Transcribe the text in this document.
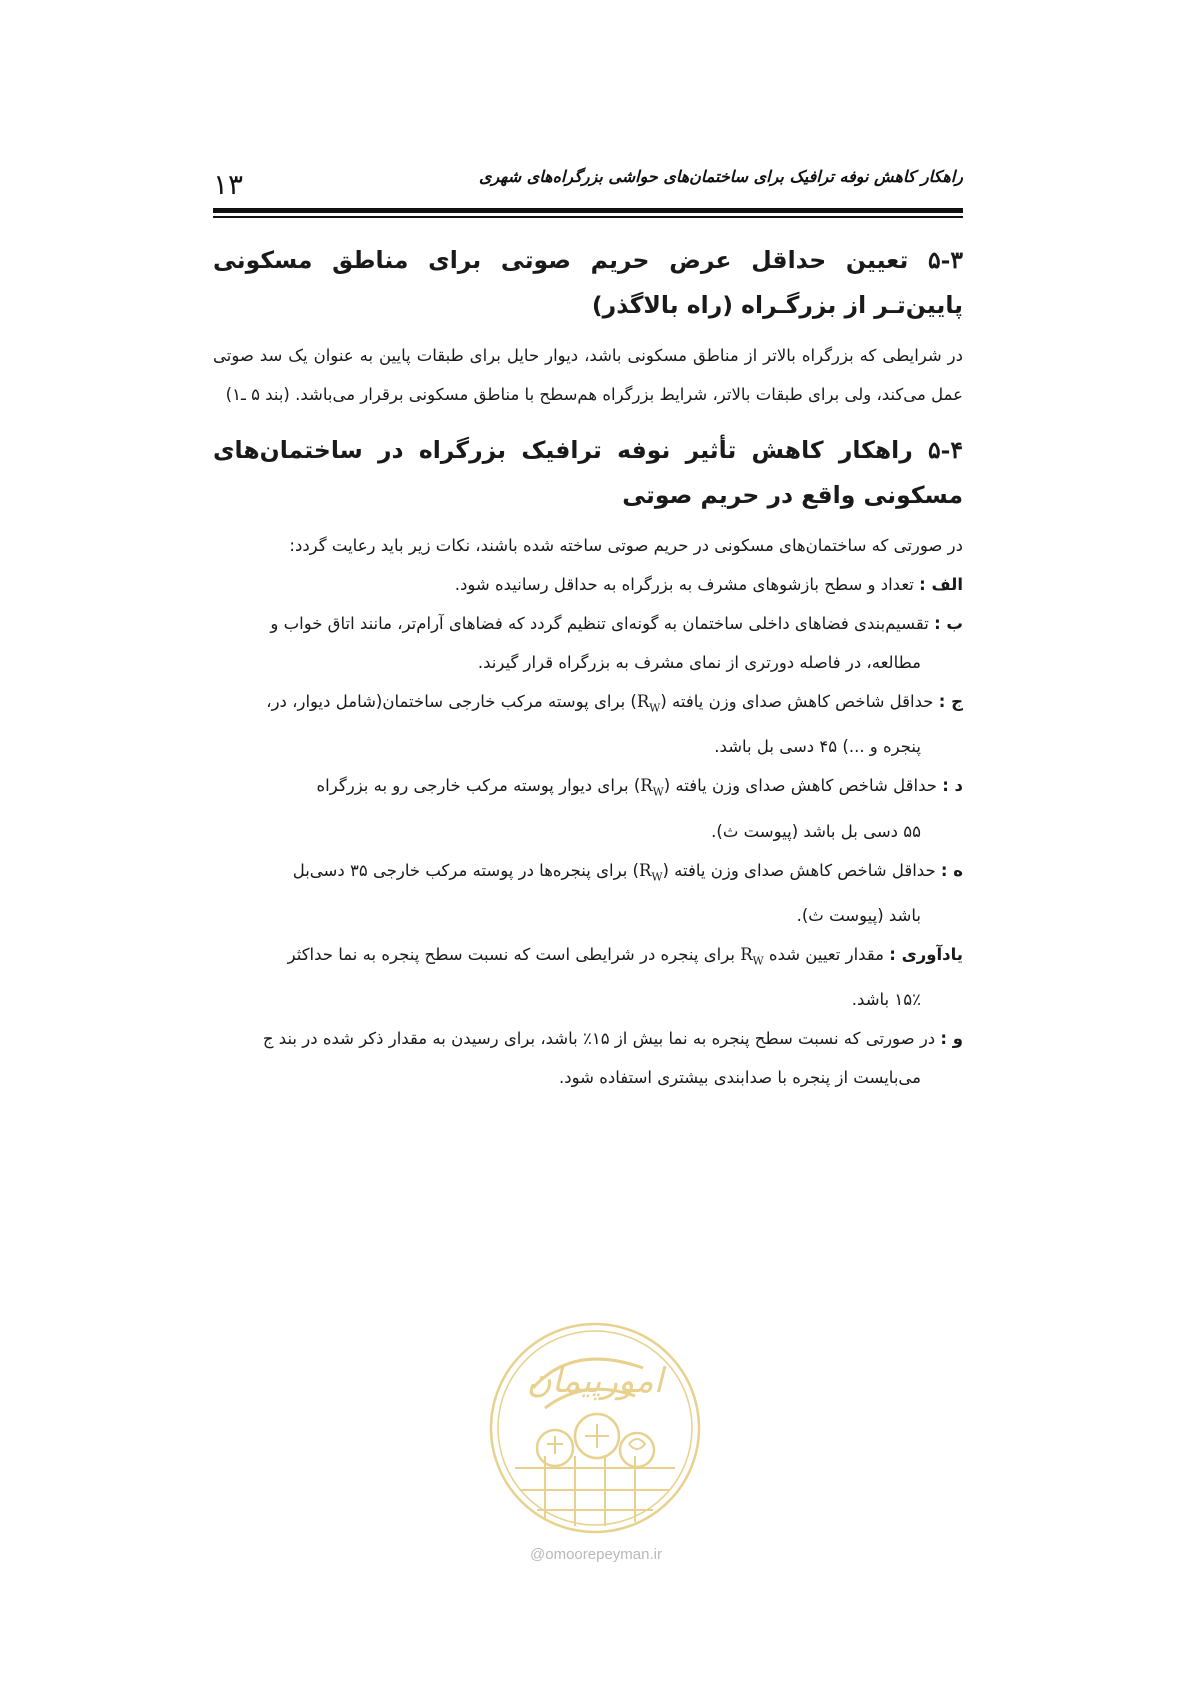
۱۳	راهکار کاهش نوفه ترافیک برای ساختمان‌های حواشی بزرگراه‌های شهری
۵-۳ تعیین حداقل عرض حریم صوتی برای مناطق مسکونی پایین‌تـر از بزرگـراه (راه بالاگذر)

در شرایطی که بزرگراه بالاتر از مناطق مسکونی باشد، دیوار حایل برای طبقات پایین به عنوان یک سد صوتی عمل می‌کند، ولی برای طبقات بالاتر، شرایط بزرگراه هم‌سطح با مناطق مسکونی برقرار می‌باشد. (بند ۵ ـ۱)

۵-۴ راهکار کاهش تأثیر نوفه ترافیک بزرگراه در ساختمان‌های مسکونی واقع در حریم صوتی

در صورتی که ساختمان‌های مسکونی در حریم صوتی ساخته شده باشند، نکات زیر باید رعایت گردد:

الف : تعداد و سطح بازشوهای مشرف به بزرگراه به حداقل رسانیده شود.

ب : تقسیم‌بندی فضاهای داخلی ساختمان به گونه‌ای تنظیم گردد که فضاهای آرام‌تر، مانند اتاق خواب و

مطالعه، در فاصله دورتری از نمای مشرف به بزرگراه قرار گیرند.

ج : حداقل شاخص کاهش صدای وزن یافته $(R_W)$ برای پوسته مرکب خارجی ساختمان(شامل دیوار، در،

پنجره و ...) ۴۵ دسی بل باشد.

د : حداقل شاخص کاهش صدای وزن یافته $(R_W)$ برای دیوار پوسته مرکب خارجی رو به بزرگراه

۵۵ دسی بل باشد (پیوست ث).

ه : حداقل شاخص کاهش صدای وزن یافته $(R_W)$ برای پنجره‌ها در پوسته مرکب خارجی ۳۵ دسی‌بل

باشد (پیوست ث).

یادآوری : مقدار تعیین شده $R_W$ برای پنجره در شرایطی است که نسبت سطح پنجره به نما حداکثر

۱۵٪ باشد.

و : در صورتی که نسبت سطح پنجره به نما بیش از ۱۵٪ باشد، برای رسیدن به مقدار ذکر شده در بند ج

می‌بایست از پنجره با صدابندی بیشتری استفاده شود.

امورپیمان
@omoorepeyman.ir
